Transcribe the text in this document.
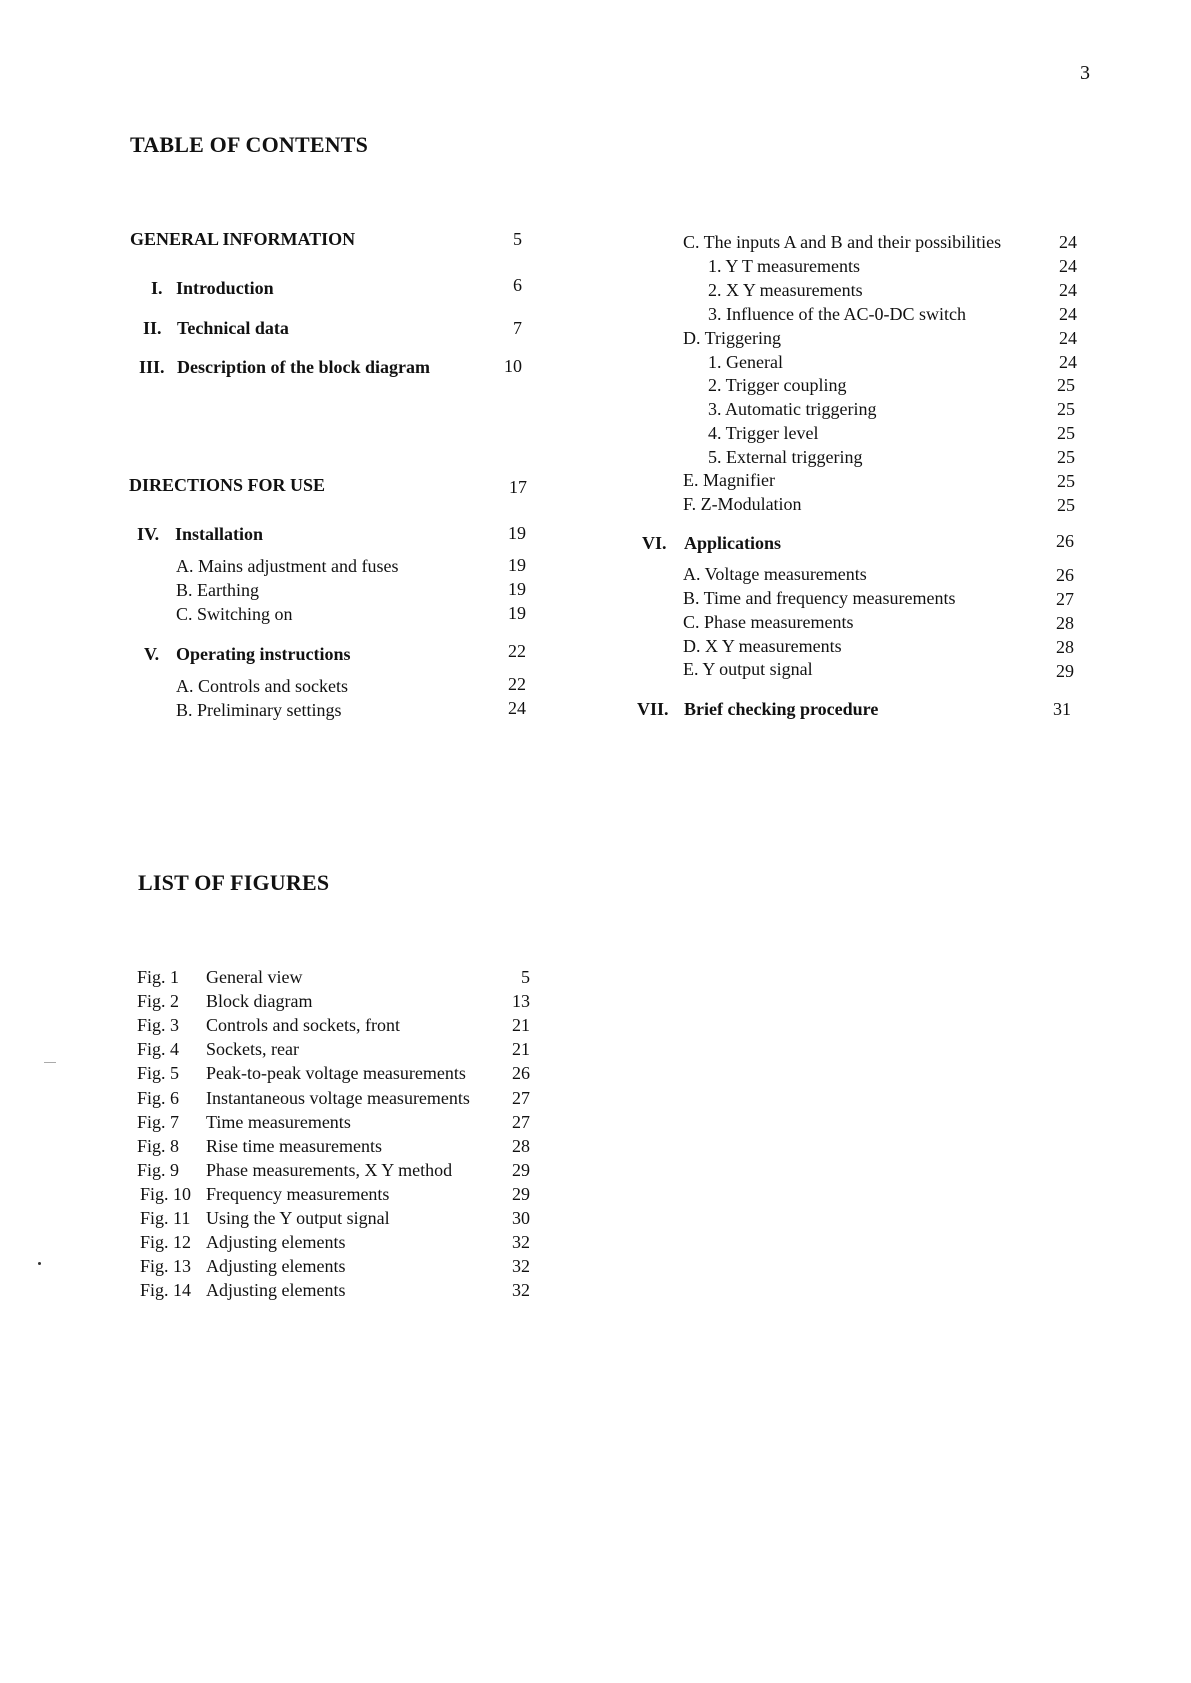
3
TABLE OF CONTENTS
GENERAL INFORMATION	5
I. Introduction	6
II. Technical data	7
III. Description of the block diagram	10
DIRECTIONS FOR USE	17
IV. Installation	19
A. Mains adjustment and fuses	19
B. Earthing	19
C. Switching on	19
V. Operating instructions	22
A. Controls and sockets	22
B. Preliminary settings	24
C. The inputs A and B and their possibilities	24
1. Y T measurements	24
2. X Y measurements	24
3. Influence of the AC-0-DC switch	24
D. Triggering	24
1. General	24
2. Trigger coupling	25
3. Automatic triggering	25
4. Trigger level	25
5. External triggering	25
E. Magnifier	25
F. Z-Modulation	25
VI. Applications	26
A. Voltage measurements	26
B. Time and frequency measurements	27
C. Phase measurements	28
D. X Y measurements	28
E. Y output signal	29
VII. Brief checking procedure	31
LIST OF FIGURES
Fig. 1 General view	5
Fig. 2 Block diagram	13
Fig. 3 Controls and sockets, front	21
Fig. 4 Sockets, rear	21
Fig. 5 Peak-to-peak voltage measurements	26
Fig. 6 Instantaneous voltage measurements	27
Fig. 7 Time measurements	27
Fig. 8 Rise time measurements	28
Fig. 9 Phase measurements, X Y method	29
Fig. 10 Frequency measurements	29
Fig. 11 Using the Y output signal	30
Fig. 12 Adjusting elements	32
Fig. 13 Adjusting elements	32
Fig. 14 Adjusting elements	32
